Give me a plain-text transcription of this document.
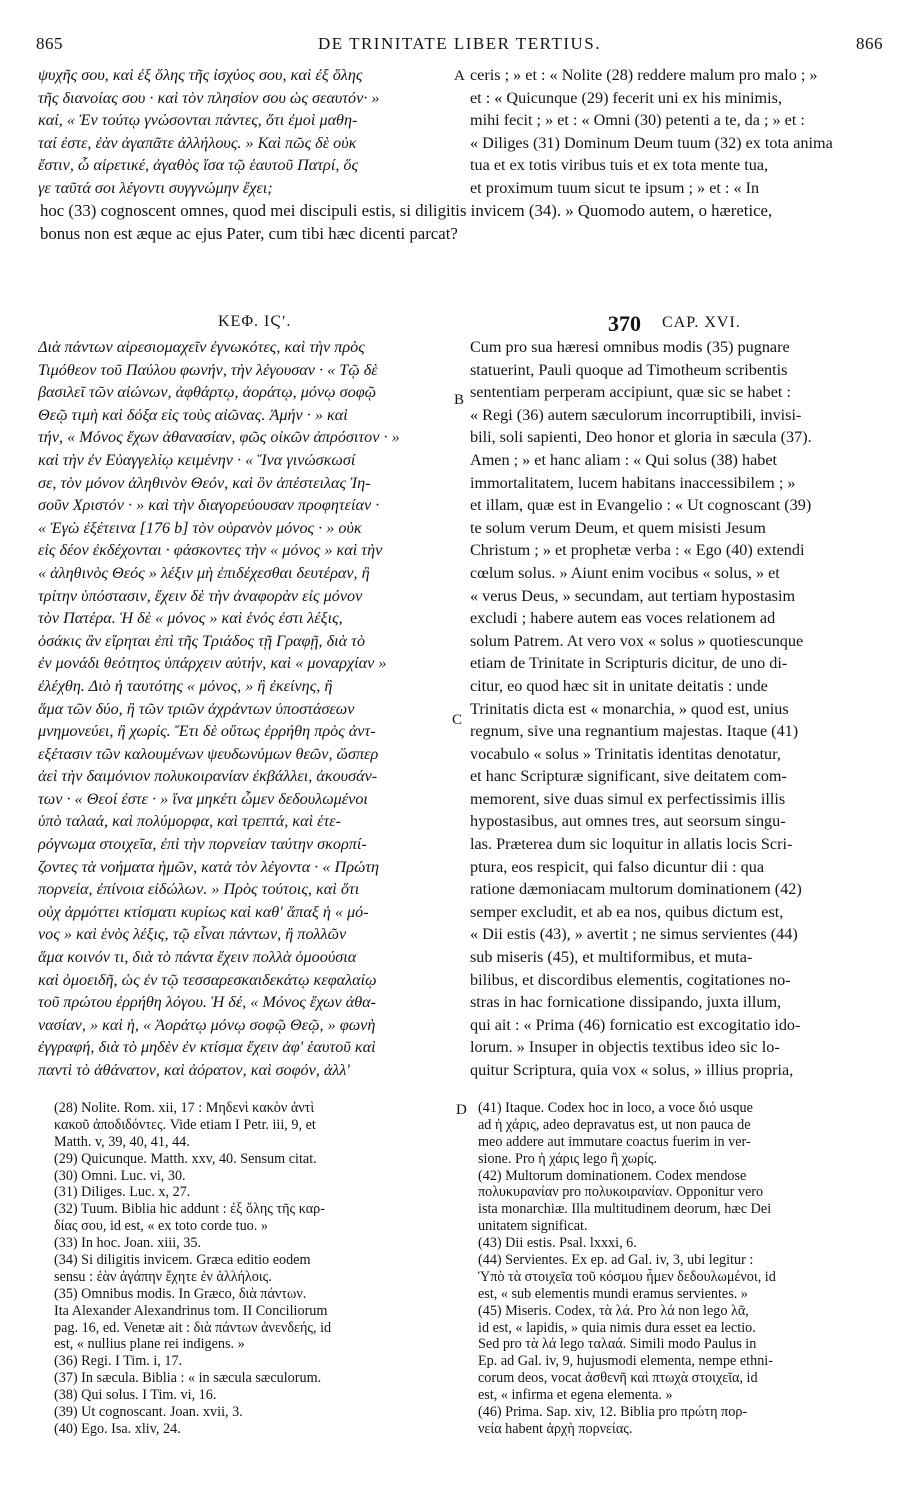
865	DE TRINITATE LIBER TERTIUS.	866
ψυχῆς σου, καὶ ἐξ ὅλης τῆς ἰσχύος σου, καὶ ἐξ ὅλης
τῆς διανοίας σου · καὶ τὸν πλησίον σου ὡς σεαυτόν· »
καί, « Ἐν τούτῳ γνώσονται πάντες, ὅτι ἐμοὶ μαθη-
ταί ἐστε, ἐὰν ἀγαπᾶτε ἀλλήλους. » Καὶ πῶς δὲ οὐκ
ἔστιν, ὦ αἱρετικέ, ἀγαθὸς ἴσα τῷ ἑαυτοῦ Πατρί, ὅς
γε ταῦτά σοι λέγοντι συγγνώμην ἔχει;
A ceris ; » et : « Nolite (28) reddere malum pro malo ; »
et : « Quicunque (29) fecerit uni ex his minimis,
mihi fecit ; » et : « Omni (30) petenti a te, da ; » et :
« Diliges (31) Dominum Deum tuum (32) ex tota anima
tua et ex totis viribus tuis et ex tota mente tua,
et proximum tuum sicut te ipsum ; » et : « In
hoc (33) cognoscent omnes, quod mei discipuli estis, si diligitis invicem (34). » Quomodo autem, o hæretice,
bonus non est æque ac ejus Pater, cum tibi hæc dicenti parcat?
ΚΕΦ. ΙϚʹ.	370 CAP. XVI.
Διὰ πάντων αἱρεσιομαχεῖν ἐγνωκότες, καὶ τὴν πρὸς
Τιμόθεον τοῦ Παύλου φωνήν, τὴν λέγουσαν · « Τῷ δὲ
βασιλεῖ τῶν αἰώνων, ἀφθάρτῳ, ἀοράτῳ, μόνῳ σοφῷ
Θεῷ τιμὴ καὶ δόξα εἰς τοὺς αἰῶνας. Ἀμήν · » καὶ
τήν, « Μόνος ἔχων ἀθανασίαν, φῶς οἰκῶν ἀπρόσιτον · »
καὶ τὴν ἐν Εὐαγγελίῳ κειμένην · « Ἵνα γινώσκωσί
σε, τὸν μόνον ἀληθινὸν Θεόν, καὶ ὃν ἀπέστειλας Ἰη-
σοῦν Χριστόν · » καὶ τὴν διαγορεύουσαν προφητείαν ·
« Ἐγὼ ἐξέτεινα [176 b] τὸν οὐρανὸν μόνος · » οὐκ
εἰς δέον ἐκδέχονται · φάσκοντες τὴν « μόνος » καὶ τὴν
« ἀληθινὸς Θεός » λέξιν μὴ ἐπιδέχεσθαι δευτέραν, ἢ
τρίτην ὑπόστασιν, ἔχειν δὲ τὴν ἀναφορὰν εἰς μόνον
τὸν Πατέρα. Ἡ δὲ « μόνος » καὶ ἑνός ἐστι λέξις,
ὁσάκις ἂν εἴρηται ἐπὶ τῆς Τριάδος τῇ Γραφῇ, διὰ τὸ
ἐν μονάδι θεότητος ὑπάρχειν αὐτήν, καὶ « μοναρχίαν »
ἐλέχθη. Διὸ ἡ ταυτότης « μόνος, » ἢ ἐκείνης, ἢ
ἅμα τῶν δύο, ἢ τῶν τριῶν ἀχράντων ὑποστάσεων
μνημονεύει, ἢ χωρίς. Ἔτι δὲ οὕτως ἐρρήθη πρὸς ἀντ-
εξέτασιν τῶν καλουμένων ψευδωνύμων θεῶν, ὥσπερ
ἀεὶ τὴν δαιμόνιον πολυκοιρανίαν ἐκβάλλει, ἀκουσάν-
των · « Θεοί ἐστε · » ἵνα μηκέτι ὦμεν δεδουλωμένοι
ὑπὸ ταλαά, καὶ πολύμορφα, καὶ τρεπτά, καὶ ἑτε-
ρόγνωμα στοιχεῖα, ἐπὶ τὴν πορνείαν ταύτην σκορπί-
ζοντες τὰ νοήματα ἡμῶν, κατὰ τὸν λέγοντα · « Πρώτη
πορνεία, ἐπίνοια εἰδώλων. » Πρὸς τούτοις, καὶ ὅτι
οὐχ ἁρμόττει κτίσματι κυρίως καὶ καθ' ἅπαξ ἡ « μό-
νος » καὶ ἑνὸς λέξις, τῷ εἶναι πάντων, ἢ πολλῶν
ἅμα κοινόν τι, διὰ τὸ πάντα ἔχειν πολλὰ ὁμοούσια
καὶ ὁμοειδῆ, ὡς ἐν τῷ τεσσαρεσκαιδεκάτῳ κεφαλαίῳ
τοῦ πρώτου ἐρρήθη λόγου. Ἡ δέ, « Μόνος ἔχων ἀθα-
νασίαν, » καὶ ἡ, « Ἀοράτῳ μόνῳ σοφῷ Θεῷ, » φωνὴ
ἐγγραφή, διὰ τὸ μηδὲν ἐν κτίσμα ἔχειν ἀφ' ἑαυτοῦ καὶ
παντὶ τὸ ἀθάνατον, καὶ ἀόρατον, καὶ σοφόν, ἀλλ'
B
C
Cum pro sua hæresi omnibus modis (35) pugnare
statuerint, Pauli quoque ad Timotheum scribentis
sententiam perperam accipiunt, quæ sic se habet :
« Regi (36) autem sæculorum incorruptibili, invisi-
bili, soli sapienti, Deo honor et gloria in sæcula (37).
Amen ; » et hanc aliam : « Qui solus (38) habet
immortalitatem, lucem habitans inaccessibilem ; »
et illam, quæ est in Evangelio : « Ut cognoscant (39)
te solum verum Deum, et quem misisti Jesum
Christum ; » et prophetæ verba : « Ego (40) extendi
cœlum solus. » Aiunt enim vocibus « solus, » et
« verus Deus, » secundam, aut tertiam hypostasim
excludi ; habere autem eas voces relationem ad
solum Patrem. At vero vox « solus » quotiescunque
etiam de Trinitate in Scripturis dicitur, de uno di-
citur, eo quod hæc sit in unitate deitatis : unde
Trinitatis dicta est « monarchia, » quod est, unius
regnum, sive una regnantium majestas. Itaque (41)
vocabulo « solus » Trinitatis identitas denotatur,
et hanc Scripturæ significant, sive deitatem com-
memorent, sive duas simul ex perfectissimis illis
hypostasibus, aut omnes tres, aut seorsum singu-
las. Præterea dum sic loquitur in allatis locis Scri-
ptura, eos respicit, qui falso dicuntur dii : qua
ratione dæmoniacam multorum dominationem (42)
semper excludit, et ab ea nos, quibus dictum est,
« Dii estis (43), » avertit ; ne simus servientes (44)
sub miseris (45), et multiformibus, et muta-
bilibus, et discordibus elementis, cogitationes no-
stras in hac fornicatione dissipando, juxta illum,
qui ait : « Prima (46) fornicatio est excogitatio ido-
lorum. » Insuper in objectis textibus ideo sic lo-
quitur Scriptura, quia vox « solus, » illius propria,
(28) Nolite. Rom. xii, 17 : Μηδενὶ κακὸν ἀντὶ
κακοῦ ἀποδιδόντες. Vide etiam I Petr. iii, 9, et
Matth. v, 39, 40, 41, 44.
(29) Quicunque. Matth. xxv, 40. Sensum citat.
(30) Omni. Luc. vi, 30.
(31) Diliges. Luc. x, 27.
(32) Tuum. Biblia hic addunt : ἐξ ὅλης τῆς καρ-
δίας σου, id est, « ex toto corde tuo. »
(33) In hoc. Joan. xiii, 35.
(34) Si diligitis invicem. Græca editio eodem
sensu : ἐὰν ἀγάπην ἔχητε ἐν ἀλλήλοις.
(35) Omnibus modis. In Græco, διὰ πάντων.
Ita Alexander Alexandrinus tom. II Conciliorum
pag. 16, ed. Venetæ ait : διὰ πάντων ἀνενδεής, id
est, « nullius plane rei indigens. »
(36) Regi. I Tim. i, 17.
(37) In sæcula. Biblia : « in sæcula sæculorum.
(38) Qui solus. I Tim. vi, 16.
(39) Ut cognoscant. Joan. xvii, 3.
(40) Ego. Isa. xliv, 24.
D (41) Itaque. Codex hoc in loco, a voce διό usque
ad ἡ χάρις, adeo depravatus est, ut non pauca de
meo addere aut immutare coactus fuerim in ver-
sione. Pro ἡ χάρις lego ἢ χωρίς.
(42) Multorum dominationem. Codex mendose
πολυκυρανίαν pro πολυκοιρανίαν. Opponitur vero
ista monarchiæ. Illa multitudinem deorum, hæc Dei
unitatem significat.
(43) Dii estis. Psal. lxxxi, 6.
(44) Servientes. Ex ep. ad Gal. iv, 3, ubi legitur :
Ὑπὸ τὰ στοιχεῖα τοῦ κόσμου ἦμεν δεδουλωμένοι, id
est, « sub elementis mundi eramus servientes. »
(45) Miseris. Codex, τὰ λά. Pro λά non lego λᾶ,
id est, « lapidis, » quia nimis dura esset ea lectio.
Sed pro τὰ λά lego ταλαά. Simili modo Paulus in
Ep. ad Gal. iv, 9, hujusmodi elementa, nempe ethni-
corum deos, vocat ἀσθενῆ καὶ πτωχὰ στοιχεῖα, id
est, « infirma et egena elementa. »
(46) Prima. Sap. xiv, 12. Biblia pro πρώτη πορ-
νεία habent ἀρχὴ πορνείας.
